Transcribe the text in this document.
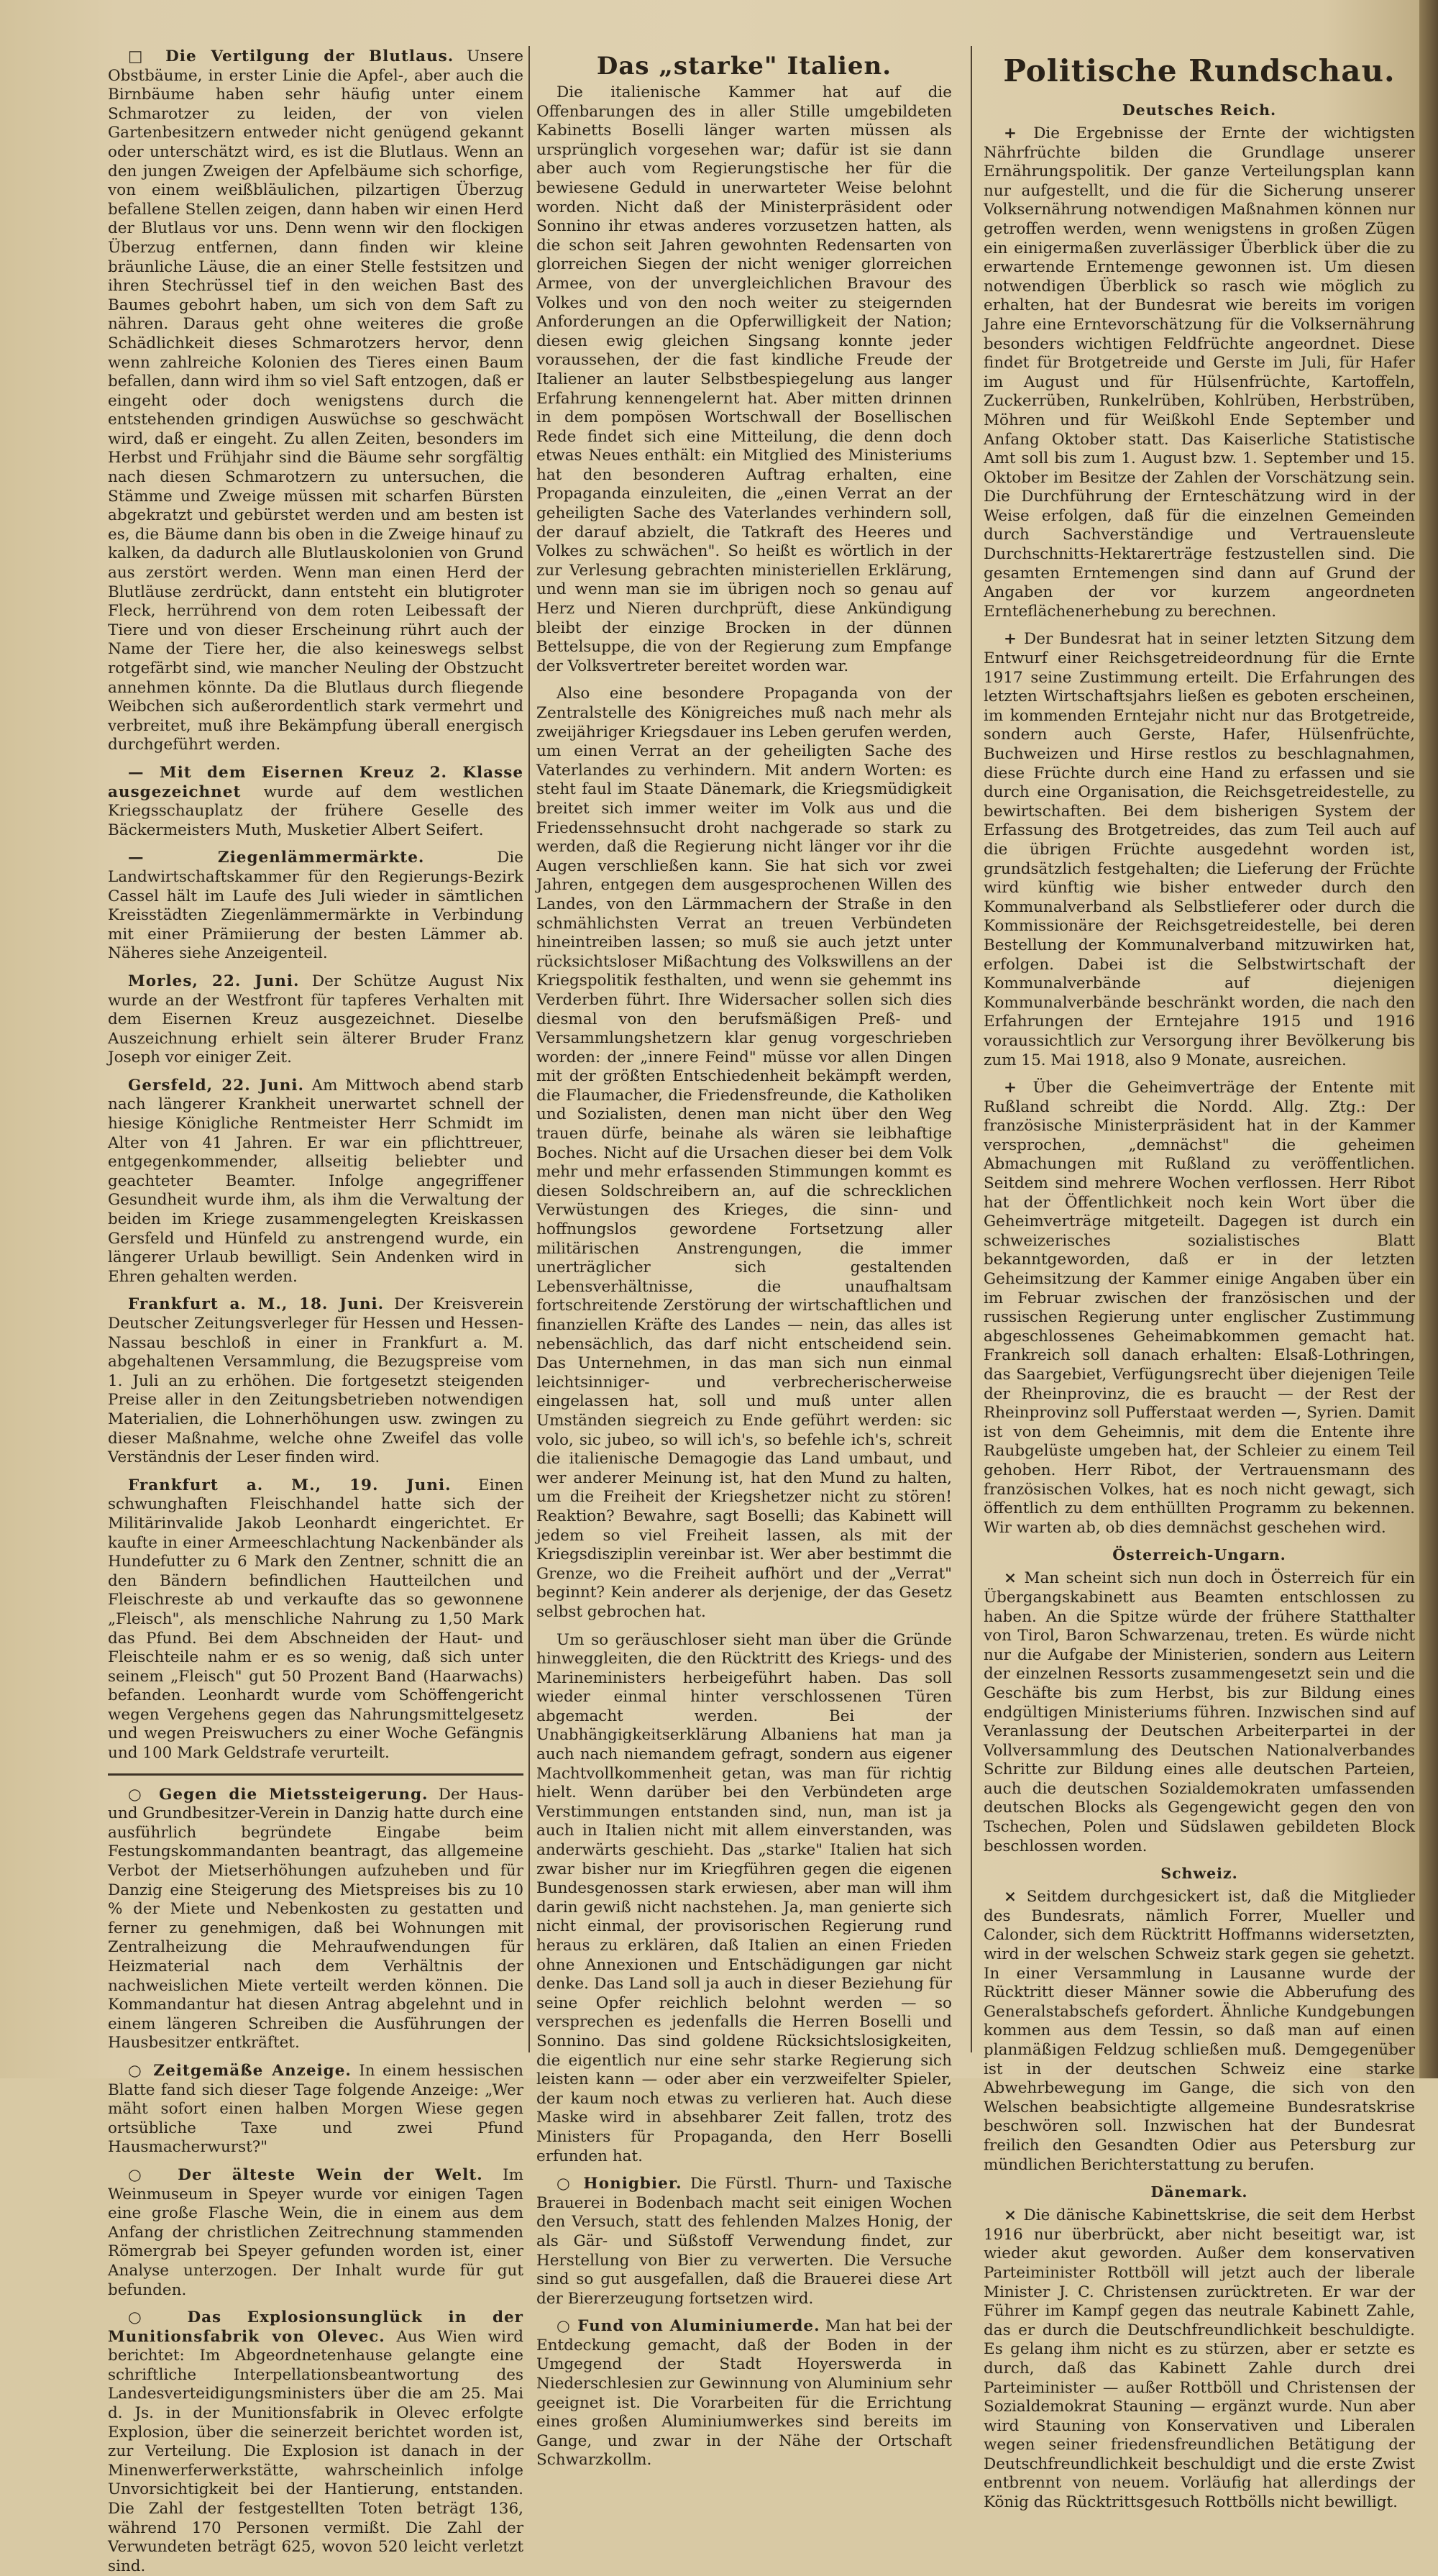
□ Die Vertilgung der Blutlaus. Unsere Obstbäume, in erster Linie die Apfel-, aber auch die Birnbäume haben sehr häufig unter einem Schmarotzer zu leiden, der von vielen Gartenbesitzern entweder nicht genügend gekannt oder unterschätzt wird, es ist die Blutlaus. Wenn an den jungen Zweigen der Apfelbäume sich schorfige, von einem weißbläulichen, pilzartigen Überzug befallene Stellen zeigen, dann haben wir einen Herd der Blutlaus vor uns. Denn wenn wir den flockigen Überzug entfernen, dann finden wir kleine bräunliche Läuse, die an einer Stelle festsitzen und ihren Stechrüssel tief in den weichen Bast des Baumes gebohrt haben, um sich von dem Saft zu nähren. Daraus geht ohne weiteres die große Schädlichkeit dieses Schmarotzers hervor, denn wenn zahlreiche Kolonien des Tieres einen Baum befallen, dann wird ihm so viel Saft entzogen, daß er eingeht oder doch wenigstens durch die entstehenden grindigen Auswüchse so geschwächt wird, daß er eingeht. Zu allen Zeiten, besonders im Herbst und Frühjahr sind die Bäume sehr sorgfältig nach diesen Schmarotzern zu untersuchen, die Stämme und Zweige müssen mit scharfen Bürsten abgekratzt und gebürstet werden und am besten ist es, die Bäume dann bis oben in die Zweige hinauf zu kalken, da dadurch alle Blutlauskolonien von Grund aus zerstört werden. Wenn man einen Herd der Blutläuse zerdrückt, dann entsteht ein blutigroter Fleck, herrührend von dem roten Leibessaft der Tiere und von dieser Erscheinung rührt auch der Name der Tiere her, die also keineswegs selbst rotgefärbt sind, wie mancher Neuling der Obstzucht annehmen könnte. Da die Blutlaus durch fliegende Weibchen sich außerordentlich stark vermehrt und verbreitet, muß ihre Bekämpfung überall energisch durchgeführt werden.

— Mit dem Eisernen Kreuz 2. Klasse ausgezeichnet wurde auf dem westlichen Kriegsschauplatz der frühere Geselle des Bäckermeisters Muth, Musketier Albert Seifert.

— Ziegenlämmermärkte.	Die Landwirtschaftskammer für den Regierungs-Bezirk Cassel hält im Laufe des Juli wieder in sämtlichen Kreisstädten Ziegenlämmermärkte in Verbindung mit einer Prämiierung der besten Lämmer ab. Näheres siehe Anzeigenteil.

Morles, 22. Juni. Der Schütze August Nix wurde an der Westfront für tapferes Verhalten mit dem Eisernen Kreuz ausgezeichnet. Dieselbe Auszeichnung erhielt sein älterer Bruder Franz Joseph vor einiger Zeit.

Gersfeld, 22. Juni. Am Mittwoch abend starb nach längerer Krankheit unerwartet schnell der hiesige Königliche Rentmeister Herr Schmidt im Alter von 41 Jahren. Er war ein pflichttreuer, entgegenkommender, allseitig beliebter und geachteter Beamter. Infolge angegriffener Gesundheit wurde ihm, als ihm die Verwaltung der beiden im Kriege zusammengelegten Kreiskassen Gersfeld und Hünfeld zu anstrengend wurde, ein längerer Urlaub bewilligt. Sein Andenken wird in Ehren gehalten werden.

Frankfurt a. M., 18. Juni. Der Kreisverein Deutscher Zeitungsverleger für Hessen und Hessen-Nassau beschloß in einer in Frankfurt a. M. abgehaltenen Versammlung, die Bezugspreise vom 1. Juli an zu erhöhen. Die fortgesetzt steigenden Preise aller in den Zeitungsbetrieben notwendigen Materialien, die Lohnerhöhungen usw. zwingen zu dieser Maßnahme, welche ohne Zweifel das volle Verständnis der Leser finden wird.

Frankfurt a. M., 19. Juni. Einen schwunghaften Fleischhandel hatte sich der Militärinvalide Jakob Leonhardt eingerichtet. Er kaufte in einer Armeeschlachtung Nackenbänder als Hundefutter zu 6 Mark den Zentner, schnitt die an den Bändern befindlichen Hautteilchen und Fleischreste ab und verkaufte das so gewonnene „Fleisch", als menschliche Nahrung zu 1,50 Mark das Pfund. Bei dem Abschneiden der Haut- und Fleischteile nahm er es so wenig, daß sich unter seinem „Fleisch" gut 50 Prozent Band (Haarwachs) befanden. Leonhardt wurde vom Schöffengericht wegen Vergehens gegen das Nahrungsmittelgesetz und wegen Preiswuchers zu einer Woche Gefängnis und 100 Mark Geldstrafe verurteilt.

○ Gegen die Mietssteigerung. Der Haus- und Grundbesitzer-Verein in Danzig hatte durch eine ausführlich begründete Eingabe beim Festungskommandanten beantragt, das allgemeine Verbot der Mietserhöhungen aufzuheben und für Danzig eine Steigerung des Mietspreises bis zu 10 % der Miete und Nebenkosten zu gestatten und ferner zu genehmigen, daß bei Wohnungen mit Zentralheizung die Mehraufwendungen für Heizmaterial nach dem Verhältnis der nachweislichen Miete verteilt werden können. Die Kommandantur hat diesen Antrag abgelehnt und in einem längeren Schreiben die Ausführungen der Hausbesitzer entkräftet.

○ Zeitgemäße Anzeige. In einem hessischen Blatte fand sich dieser Tage folgende Anzeige: „Wer mäht sofort einen halben Morgen Wiese gegen ortsübliche Taxe und zwei Pfund Hausmacherwurst?"

○ Der älteste Wein der Welt. Im Weinmuseum in Speyer wurde vor einigen Tagen eine große Flasche Wein, die in einem aus dem Anfang der christlichen Zeitrechnung stammenden Römergrab bei Speyer gefunden worden ist, einer Analyse unterzogen. Der Inhalt wurde für gut befunden.

○ Das Explosionsunglück in der Munitionsfabrik von Olevec. Aus Wien wird berichtet: Im Abgeordnetenhause gelangte eine schriftliche Interpellationsbeantwortung des Landesverteidigungsministers über die am 25. Mai d. Js. in der Munitionsfabrik in Olevec erfolgte Explosion, über die seinerzeit berichtet worden ist, zur Verteilung. Die Explosion ist danach in der Minenwerferwerkstätte, wahrscheinlich infolge Unvorsichtigkeit bei der Hantierung, entstanden. Die Zahl der festgestellten Toten beträgt 136, während 170 Personen vermißt. Die Zahl der Verwundeten beträgt 625, wovon 520 leicht verletzt sind.

Das „starke" Italien.

Die italienische Kammer hat auf die Offenbarungen des in aller Stille umgebildeten Kabinetts Boselli länger warten müssen als ursprünglich vorgesehen war; dafür ist sie dann aber auch vom Regierungstische her für die bewiesene Geduld in unerwarteter Weise belohnt worden. Nicht daß der Ministerpräsident oder Sonnino ihr etwas anderes vorzusetzen hatten, als die schon seit Jahren gewohnten Redensarten von glorreichen Siegen der nicht weniger glorreichen Armee, von der unvergleichlichen Bravour des Volkes und von den noch weiter zu steigernden Anforderungen an die Opferwilligkeit der Nation; diesen ewig gleichen Singsang konnte jeder voraussehen, der die fast kindliche Freude der Italiener an lauter Selbstbespiegelung aus langer Erfahrung kennengelernt hat. Aber mitten drinnen in dem pompösen Wortschwall der Bosellischen Rede findet sich eine Mitteilung, die denn doch etwas Neues enthält: ein Mitglied des Ministeriums hat den besonderen Auftrag erhalten, eine Propaganda einzuleiten, die „einen Verrat an der geheiligten Sache des Vaterlandes verhindern soll, der darauf abzielt, die Tatkraft des Heeres und Volkes zu schwächen". So heißt es wörtlich in der zur Verlesung gebrachten ministeriellen Erklärung, und wenn man sie im übrigen noch so genau auf Herz und Nieren durchprüft, diese Ankündigung bleibt der einzige Brocken in der dünnen Bettelsuppe, die von der Regierung zum Empfange der Volksvertreter bereitet worden war.

Also eine besondere Propaganda von der Zentralstelle des Königreiches muß nach mehr als zweijähriger Kriegsdauer ins Leben gerufen werden, um einen Verrat an der geheiligten Sache des Vaterlandes zu verhindern. Mit andern Worten: es steht faul im Staate Dänemark, die Kriegsmüdigkeit breitet sich immer weiter im Volk aus und die Friedenssehnsucht droht nachgerade so stark zu werden, daß die Regierung nicht länger vor ihr die Augen verschließen kann. Sie hat sich vor zwei Jahren, entgegen dem ausgesprochenen Willen des Landes, von den Lärmmachern der Straße in den schmählichsten Verrat an treuen Verbündeten hineintreiben lassen; so muß sie auch jetzt unter rücksichtsloser Mißachtung des Volkswillens an der Kriegspolitik festhalten, und wenn sie gehemmt ins Verderben führt. Ihre Widersacher sollen sich dies diesmal von den berufsmäßigen Preß- und Versammlungshetzern klar genug vorgeschrieben worden: der „innere Feind" müsse vor allen Dingen mit der größten Entschiedenheit bekämpft werden, die Flaumacher, die Friedensfreunde, die Katholiken und Sozialisten, denen man nicht über den Weg trauen dürfe, beinahe als wären sie leibhaftige Boches. Nicht auf die Ursachen dieser bei dem Volk mehr und mehr erfassenden Stimmungen kommt es diesen Soldschreibern an, auf die schrecklichen Verwüstungen des Krieges, die sinn- und hoffnungslos gewordene Fortsetzung aller militärischen Anstrengungen, die immer unerträglicher sich gestaltenden Lebensverhältnisse, die unaufhaltsam fortschreitende Zerstörung der wirtschaftlichen und finanziellen Kräfte des Landes — nein, das alles ist nebensächlich, das darf nicht entscheidend sein. Das Unternehmen, in das man sich nun einmal leichtsinniger- und verbrecherischerweise eingelassen hat, soll und muß unter allen Umständen siegreich zu Ende geführt werden: sic volo, sic jubeo, so will ich's, so befehle ich's, schreit die italienische Demagogie das Land umbaut, und wer anderer Meinung ist, hat den Mund zu halten, um die Freiheit der Kriegshetzer nicht zu stören! Reaktion? Bewahre, sagt Boselli; das Kabinett will jedem so viel Freiheit lassen, als mit der Kriegsdisziplin vereinbar ist. Wer aber bestimmt die Grenze, wo die Freiheit aufhört und der „Verrat" beginnt? Kein anderer als derjenige, der das Gesetz selbst gebrochen hat.

Um so geräuschloser sieht man über die Gründe hinweggleiten, die den Rücktritt des Kriegs- und des Marineministers herbeigeführt haben. Das soll wieder einmal hinter verschlossenen Türen abgemacht werden. Bei der Unabhängigkeitserklärung Albaniens hat man ja auch nach niemandem gefragt, sondern aus eigener Machtvollkommenheit getan, was man für richtig hielt. Wenn darüber bei den Verbündeten arge Verstimmungen entstanden sind, nun, man ist ja auch in Italien nicht mit allem einverstanden, was anderwärts geschieht. Das „starke" Italien hat sich zwar bisher nur im Kriegführen gegen die eigenen Bundesgenossen stark erwiesen, aber man will ihm darin gewiß nicht nachstehen. Ja, man genierte sich nicht einmal, der provisorischen Regierung rund heraus zu erklären, daß Italien an einen Frieden ohne Annexionen und Entschädigungen gar nicht denke. Das Land soll ja auch in dieser Beziehung für seine Opfer reichlich belohnt werden — so versprechen es jedenfalls die Herren Boselli und Sonnino. Das sind goldene Rücksichtslosigkeiten, die eigentlich nur eine sehr starke Regierung sich leisten kann — oder aber ein verzweifelter Spieler, der kaum noch etwas zu verlieren hat. Auch diese Maske wird in absehbarer Zeit fallen, trotz des Ministers für Propaganda, den Herr Boselli erfunden hat.

○ Honigbier. Die Fürstl. Thurn- und Taxische Brauerei in Bodenbach macht seit einigen Wochen den Versuch, statt des fehlenden Malzes Honig, der als Gär- und Süßstoff Verwendung findet, zur Herstellung von Bier zu verwerten. Die Versuche sind so gut ausgefallen, daß die Brauerei diese Art der Biererzeugung fortsetzen wird.

○ Fund von Aluminiumerde. Man hat bei der Entdeckung gemacht, daß der Boden in der Umgegend der Stadt Hoyerswerda in Niederschlesien zur Gewinnung von Aluminium sehr geeignet ist. Die Vorarbeiten für die Errichtung eines großen Aluminiumwerkes sind bereits im Gange, und zwar in der Nähe der Ortschaft Schwarzkollm.

Politische Rundschau.
Deutsches Reich.

+ Die Ergebnisse der Ernte der wichtigsten Nährfrüchte bilden die Grundlage unserer Ernährungspolitik. Der ganze Verteilungsplan kann nur aufgestellt, und die für die Sicherung unserer Volksernährung notwendigen Maßnahmen können nur getroffen werden, wenn wenigstens in großen Zügen ein einigermaßen zuverlässiger Überblick über die zu erwartende Erntemenge gewonnen ist. Um diesen notwendigen Überblick so rasch wie möglich zu erhalten, hat der Bundesrat wie bereits im vorigen Jahre eine Erntevorschätzung für die Volksernährung besonders wichtigen Feldfrüchte angeordnet. Diese findet für Brotgetreide und Gerste im Juli, für Hafer im August und für Hülsenfrüchte, Kartoffeln, Zuckerrüben, Runkelrüben, Kohlrüben, Herbstrüben, Möhren und für Weißkohl Ende September und Anfang Oktober statt. Das Kaiserliche Statistische Amt soll bis zum 1. August bzw. 1. September und 15. Oktober im Besitze der Zahlen der Vorschätzung sein. Die Durchführung der Ernteschätzung wird in der Weise erfolgen, daß für die einzelnen Gemeinden durch Sachverständige und Vertrauensleute Durchschnitts-Hektarerträge festzustellen sind. Die gesamten Erntemengen sind dann auf Grund der Angaben der vor kurzem angeordneten Ernteflächenerhebung zu berechnen.

+ Der Bundesrat hat in seiner letzten Sitzung dem Entwurf einer Reichsgetreideordnung für die Ernte 1917 seine Zustimmung erteilt. Die Erfahrungen des letzten Wirtschaftsjahrs ließen es geboten erscheinen, im kommenden Erntejahr nicht nur das Brotgetreide, sondern auch Gerste, Hafer, Hülsenfrüchte, Buchweizen und Hirse restlos zu beschlagnahmen, diese Früchte durch eine Hand zu erfassen und sie durch eine Organisation, die Reichsgetreidestelle, zu bewirtschaften. Bei dem bisherigen System der Erfassung des Brotgetreides, das zum Teil auch auf die übrigen Früchte ausgedehnt worden ist, grundsätzlich festgehalten; die Lieferung der Früchte wird künftig wie bisher entweder durch den Kommunalverband als Selbstlieferer oder durch die Kommissionäre der Reichsgetreidestelle, bei deren Bestellung der Kommunalverband mitzuwirken hat, erfolgen. Dabei ist die Selbstwirtschaft der Kommunalverbände auf diejenigen Kommunalverbände beschränkt worden, die nach den Erfahrungen der Erntejahre 1915 und 1916 voraussichtlich zur Versorgung ihrer Bevölkerung bis zum 15. Mai 1918, also 9 Monate, ausreichen.

+ Über die Geheimverträge der Entente mit Rußland schreibt die Nordd. Allg. Ztg.: Der französische Ministerpräsident hat in der Kammer versprochen, „demnächst" die geheimen Abmachungen mit Rußland zu veröffentlichen. Seitdem sind mehrere Wochen verflossen. Herr Ribot hat der Öffentlichkeit noch kein Wort über die Geheimverträge mitgeteilt. Dagegen ist durch ein schweizerisches sozialistisches Blatt bekanntgeworden, daß er in der letzten Geheimsitzung der Kammer einige Angaben über ein im Februar zwischen der französischen und der russischen Regierung unter englischer Zustimmung abgeschlossenes Geheimabkommen gemacht hat. Frankreich soll danach erhalten: Elsaß-Lothringen, das Saargebiet, Verfügungsrecht über diejenigen Teile der Rheinprovinz, die es braucht — der Rest der Rheinprovinz soll Pufferstaat werden —, Syrien. Damit ist von dem Geheimnis, mit dem die Entente ihre Raubgelüste umgeben hat, der Schleier zu einem Teil gehoben. Herr Ribot, der Vertrauensmann des französischen Volkes, hat es noch nicht gewagt, sich öffentlich zu dem enthüllten Programm zu bekennen. Wir warten ab, ob dies demnächst geschehen wird.

Österreich-Ungarn.

× Man scheint sich nun doch in Österreich für ein Übergangskabinett aus Beamten entschlossen zu haben. An die Spitze würde der frühere Statthalter von Tirol, Baron Schwarzenau, treten. Es würde nicht nur die Aufgabe der Ministerien, sondern aus Leitern der einzelnen Ressorts zusammengesetzt sein und die Geschäfte bis zum Herbst, bis zur Bildung eines endgültigen Ministeriums führen. Inzwischen sind auf Veranlassung der Deutschen Arbeiterpartei in der Vollversammlung des Deutschen Nationalverbandes Schritte zur Bildung eines alle deutschen Parteien, auch die deutschen Sozialdemokraten umfassenden deutschen Blocks als Gegengewicht gegen den von Tschechen, Polen und Südslawen gebildeten Block beschlossen worden.

Schweiz.

× Seitdem durchgesickert ist, daß die Mitglieder des Bundesrats, nämlich Forrer, Mueller und Calonder, sich dem Rücktritt Hoffmanns widersetzten, wird in der welschen Schweiz stark gegen sie gehetzt. In einer Versammlung in Lausanne wurde der Rücktritt dieser Männer sowie die Abberufung des Generalstabschefs gefordert. Ähnliche Kundgebungen kommen aus dem Tessin, so daß man auf einen planmäßigen Feldzug schließen muß. Demgegenüber ist in der deutschen Schweiz eine starke Abwehrbewegung im Gange, die sich von den Welschen beabsichtigte allgemeine Bundesratskrise beschwören soll. Inzwischen hat der Bundesrat freilich den Gesandten Odier aus Petersburg zur mündlichen Berichterstattung zu berufen.

Dänemark.

× Die dänische Kabinettskrise, die seit dem Herbst 1916 nur überbrückt, aber nicht beseitigt war, ist wieder akut geworden. Außer dem konservativen Parteiminister Rottböll will jetzt auch der liberale Minister J. C. Christensen zurücktreten. Er war der Führer im Kampf gegen das neutrale Kabinett Zahle, das er durch die Deutschfreundlichkeit beschuldigte. Es gelang ihm nicht es zu stürzen, aber er setzte es durch, daß das Kabinett Zahle durch drei Parteiminister — außer Rottböll und Christensen der Sozialdemokrat Stauning — ergänzt wurde. Nun aber wird Stauning von Konservativen und Liberalen wegen seiner friedensfreundlichen Betätigung der Deutschfreundlichkeit beschuldigt und die erste Zwist entbrennt von neuem. Vorläufig hat allerdings der König das Rücktrittsgesuch Rottbölls nicht bewilligt.
